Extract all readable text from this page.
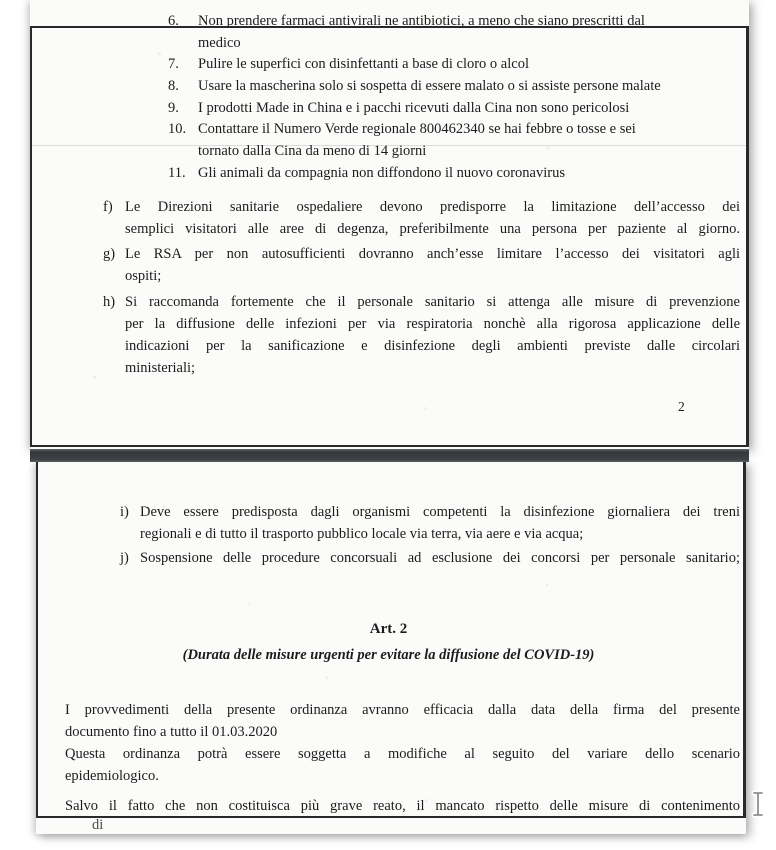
6. Non prendere farmaci antivirali ne antibiotici, a meno che siano prescritti dal
medico
7. Pulire le superfici con disinfettanti a base di cloro o alcol
8. Usare la mascherina solo si sospetta di essere malato o si assiste persone malate
9. I prodotti Made in China e i pacchi ricevuti dalla Cina non sono pericolosi
10. Contattare il Numero Verde regionale 800462340 se hai febbre o tosse e sei
tornato dalla Cina da meno di 14 giorni
11. Gli animali da compagnia non diffondono il nuovo coronavirus
f) Le Direzioni sanitarie ospedaliere devono predisporre la limitazione dell’accesso dei
semplici visitatori alle aree di degenza, preferibilmente una persona per paziente al giorno.
g) Le RSA per non autosufficienti dovranno anch’esse limitare l’accesso dei visitatori agli
ospiti;
h) Si raccomanda fortemente che il personale sanitario si attenga alle misure di prevenzione
per la diffusione delle infezioni per via respiratoria nonchè alla rigorosa applicazione delle
indicazioni per la sanificazione e disinfezione degli ambienti previste dalle circolari
ministeriali;
2
i) Deve essere predisposta dagli organismi competenti la disinfezione giornaliera dei treni
regionali e di tutto il trasporto pubblico locale via terra, via aere e via acqua;
j) Sospensione delle procedure concorsuali ad esclusione dei concorsi per personale sanitario;
Art. 2
(Durata delle misure urgenti per evitare la diffusione del COVID-19)
I provvedimenti della presente ordinanza avranno efficacia dalla data della firma del presente
documento fino a tutto il 01.03.2020
Questa ordinanza potrà essere soggetta a modifiche al seguito del variare dello scenario
epidemiologico.
Salvo il fatto che non costituisca più grave reato, il mancato rispetto delle misure di contenimento
di
